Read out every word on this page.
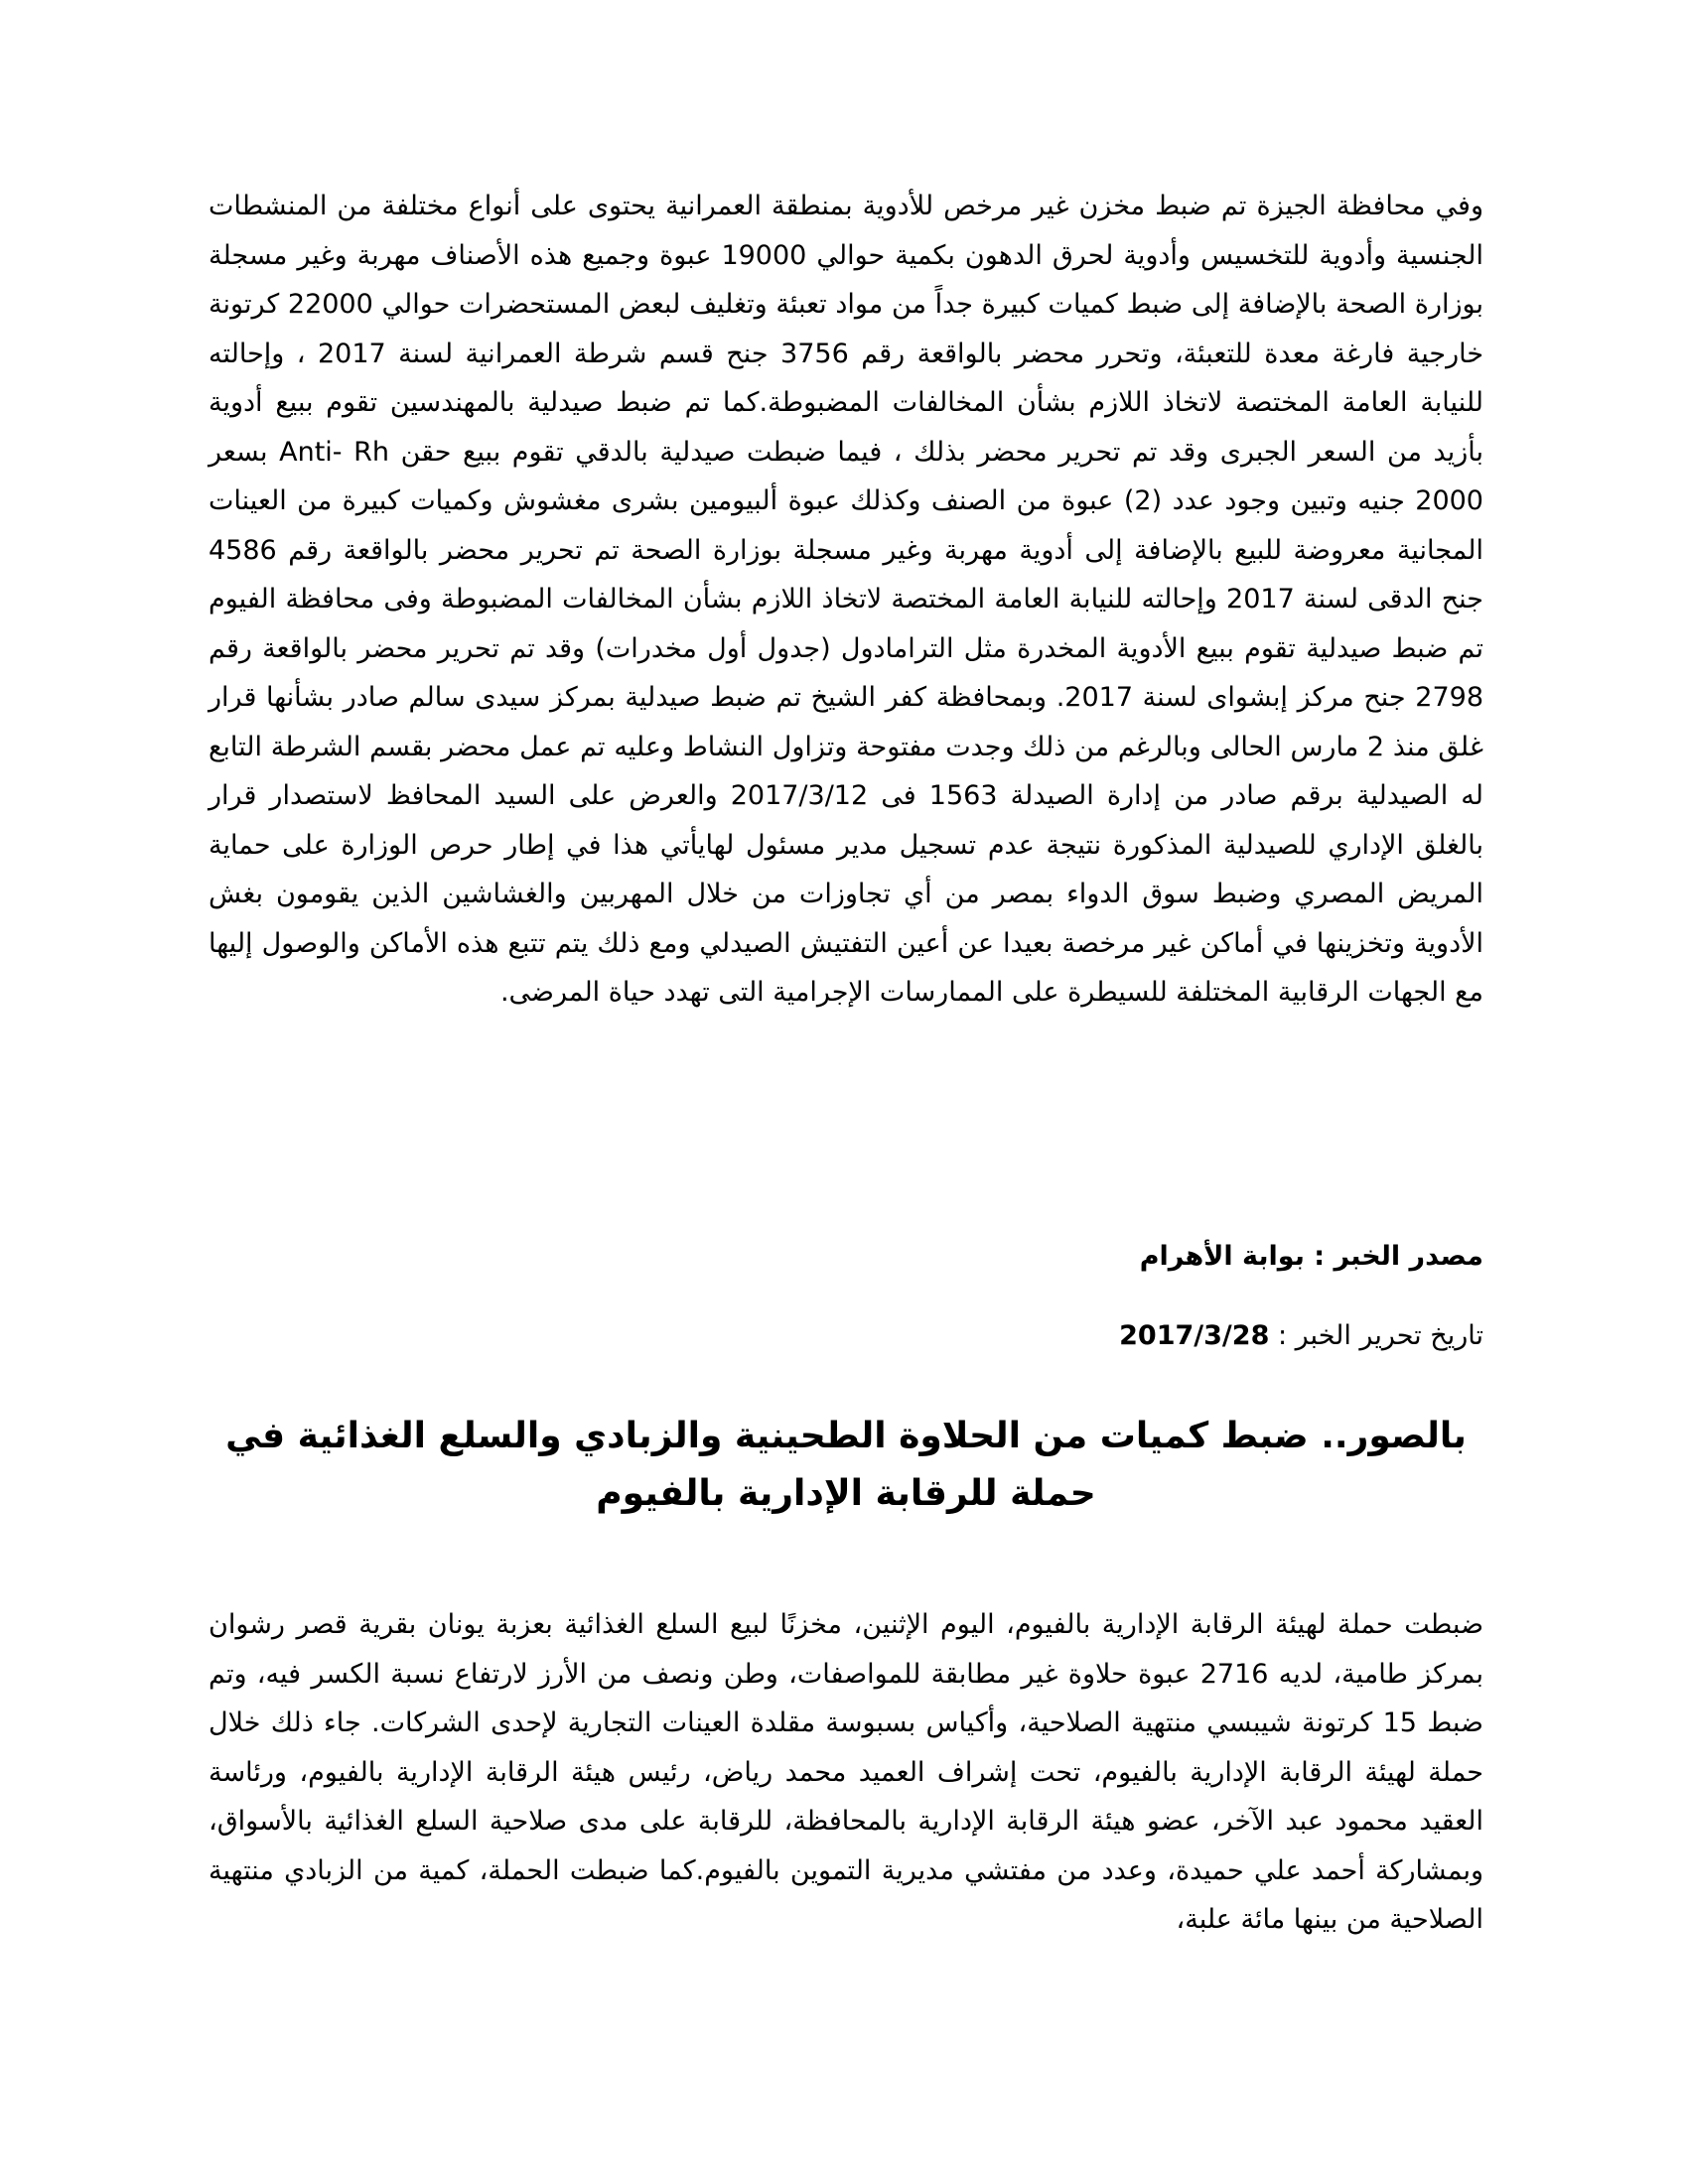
وفي محافظة الجيزة تم ضبط مخزن غير مرخص للأدوية بمنطقة العمرانية يحتوى على أنواع مختلفة من المنشطات الجنسية وأدوية للتخسيس وأدوية لحرق الدهون بكمية حوالي 19000 عبوة وجميع هذه الأصناف مهربة وغير مسجلة بوزارة الصحة بالإضافة إلى ضبط كميات كبيرة جداً من مواد تعبئة وتغليف لبعض المستحضرات حوالي 22000 كرتونة خارجية فارغة معدة للتعبئة، وتحرر محضر بالواقعة رقم 3756 جنح قسم شرطة العمرانية لسنة 2017 ، وإحالته للنيابة العامة المختصة لاتخاذ اللازم بشأن المخالفات المضبوطة.كما تم ضبط صيدلية بالمهندسين تقوم ببيع أدوية بأزيد من السعر الجبرى وقد تم تحرير محضر بذلك ، فيما ضبطت صيدلية بالدقي تقوم ببيع حقن Anti- Rh بسعر 2000 جنيه وتبين وجود عدد (2) عبوة من الصنف وكذلك عبوة ألبيومين بشرى مغشوش وكميات كبيرة من العينات المجانية معروضة للبيع بالإضافة إلى أدوية مهربة وغير مسجلة بوزارة الصحة تم تحرير محضر بالواقعة رقم 4586 جنح الدقى لسنة 2017 وإحالته للنيابة العامة المختصة لاتخاذ اللازم بشأن المخالفات المضبوطة وفى محافظة الفيوم تم ضبط صيدلية تقوم ببيع الأدوية المخدرة مثل الترامادول (جدول أول مخدرات) وقد تم تحرير محضر بالواقعة رقم 2798 جنح مركز إبشواى لسنة 2017. وبمحافظة كفر الشيخ تم ضبط صيدلية بمركز سيدى سالم صادر بشأنها قرار غلق منذ 2 مارس الحالى وبالرغم من ذلك وجدت مفتوحة وتزاول النشاط وعليه تم عمل محضر بقسم الشرطة التابع له الصيدلية برقم صادر من إدارة الصيدلة 1563 فى 2017/3/12 والعرض على السيد المحافظ لاستصدار قرار بالغلق الإداري للصيدلية المذكورة نتيجة عدم تسجيل مدير مسئول لهايأتي هذا في إطار حرص الوزارة على حماية المريض المصري وضبط سوق الدواء بمصر من أي تجاوزات من خلال المهربين والغشاشين الذين يقومون بغش الأدوية وتخزينها في أماكن غير مرخصة بعيدا عن أعين التفتيش الصيدلي ومع ذلك يتم تتبع هذه الأماكن والوصول إليها مع الجهات الرقابية المختلفة للسيطرة على الممارسات الإجرامية التى تهدد حياة المرضى.

مصدر الخبر : بوابة الأهرام

تاريخ تحرير الخبر : 2017/3/28

بالصور.. ضبط كميات من الحلاوة الطحينية والزبادي والسلع الغذائية في حملة للرقابة الإدارية بالفيوم

ضبطت حملة لهيئة الرقابة الإدارية بالفيوم، اليوم الإثنين، مخزنًا لبيع السلع الغذائية بعزبة يونان بقرية قصر رشوان بمركز طامية، لديه 2716 عبوة حلاوة غير مطابقة للمواصفات، وطن ونصف من الأرز لارتفاع نسبة الكسر فيه، وتم ضبط 15 كرتونة شيبسي منتهية الصلاحية، وأكياس بسبوسة مقلدة العينات التجارية لإحدى الشركات. جاء ذلك خلال حملة لهيئة الرقابة الإدارية بالفيوم، تحت إشراف العميد محمد رياض، رئيس هيئة الرقابة الإدارية بالفيوم، ورئاسة العقيد محمود عبد الآخر، عضو هيئة الرقابة الإدارية بالمحافظة، للرقابة على مدى صلاحية السلع الغذائية بالأسواق، وبمشاركة أحمد علي حميدة، وعدد من مفتشي مديرية التموين بالفيوم.كما ضبطت الحملة، كمية من الزبادي منتهية الصلاحية من بينها مائة علبة،
